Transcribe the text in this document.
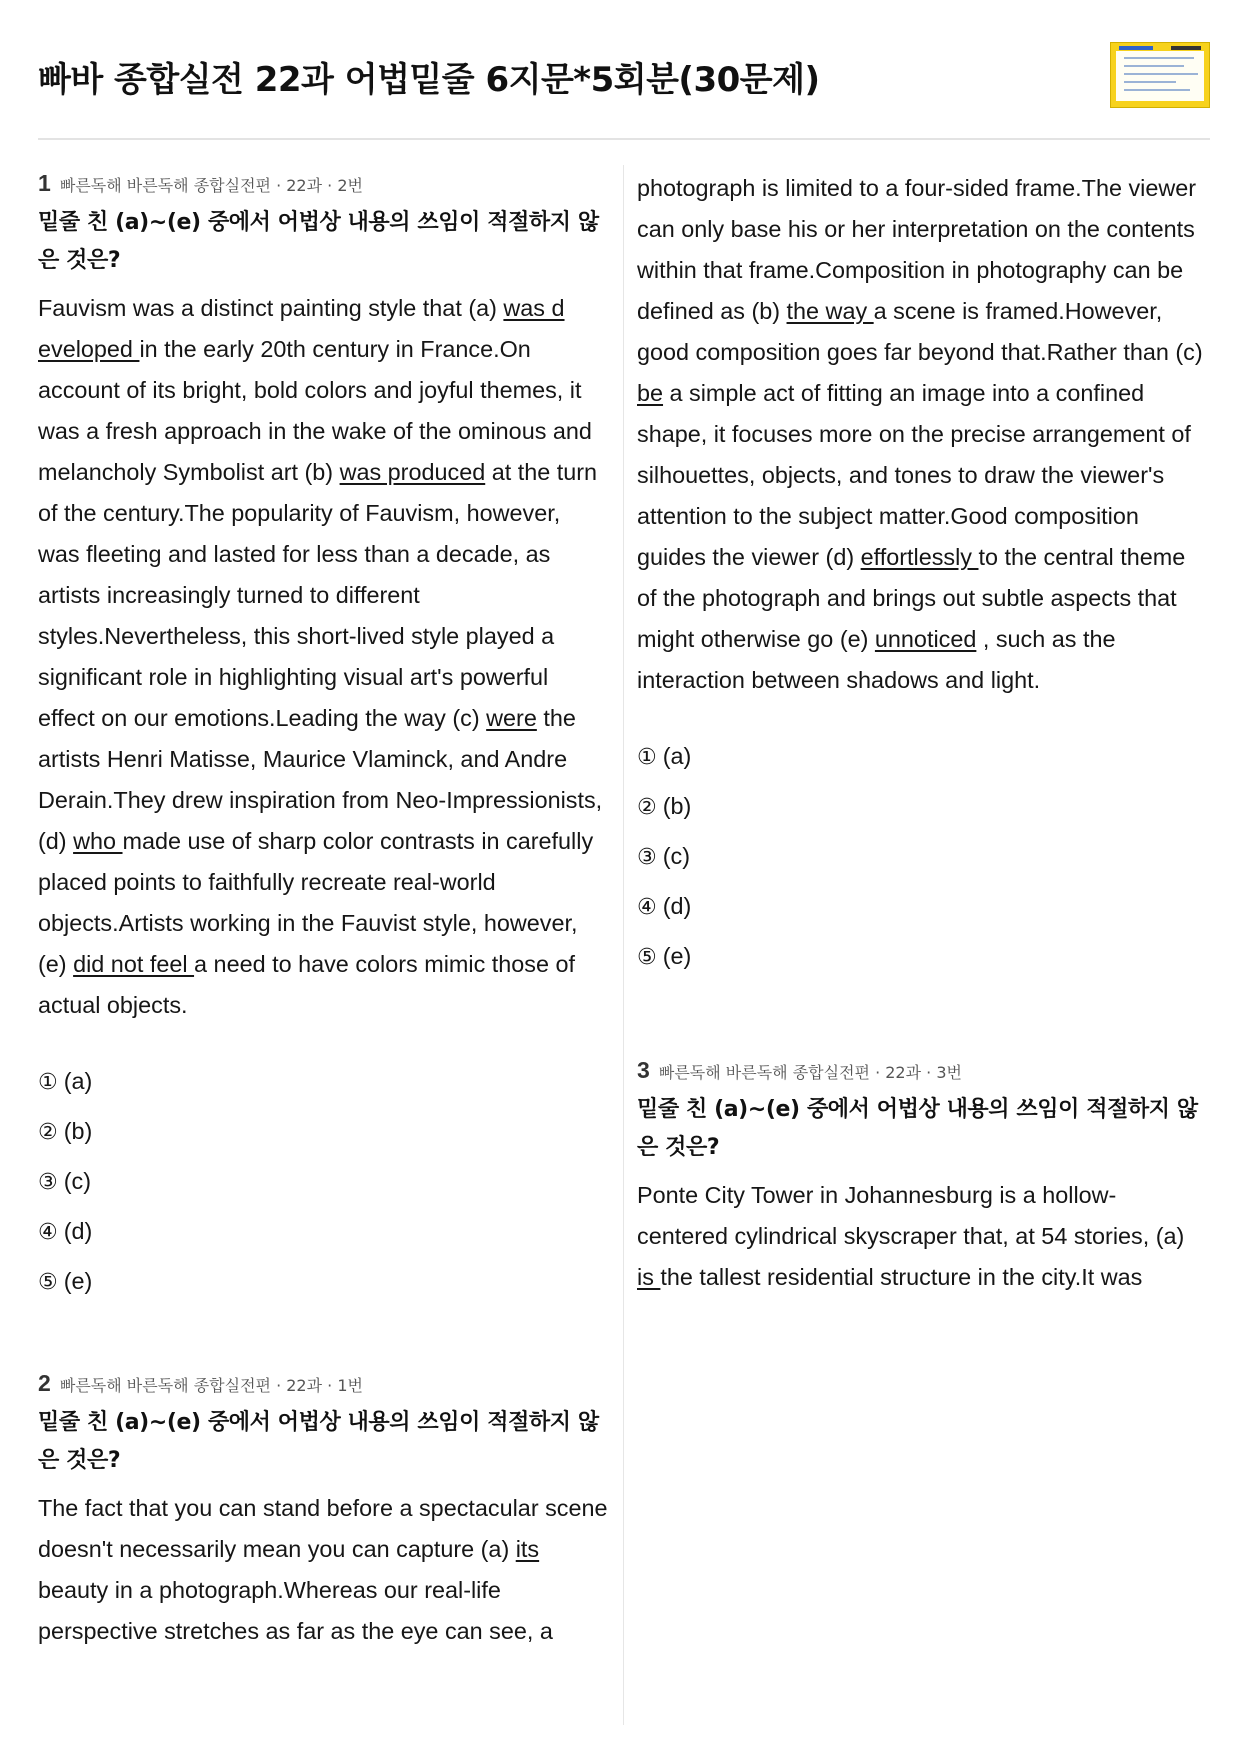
빠바 종합실전 22과 어법밑줄 6지문*5회분(30문제)
1 빠른독해 바른독해 종합실전편 · 22과 · 2번
밑줄 친 (a)∼(e) 중에서 어법상 내용의 쓰임이 적절하지 않은 것은?
Fauvism was a distinct painting style that (a) was d
eveloped in the early 20th century in France.On account of its bright, bold colors and joyful themes, it was a fresh approach in the wake of the ominous and melancholy Symbolist art (b) was produced at the turn of the century.The popularity of Fauvism, however, was fleeting and lasted for less than a decade, as artists increasingly turned to different styles.Nevertheless, this short-lived style played a significant role in highlighting visual art's powerful effect on our emotions.Leading the way (c) were the artists Henri Matisse, Maurice Vlaminck, and Andre Derain.They drew inspiration from Neo-Impressionists, (d) who made use of sharp color contrasts in carefully placed points to faithfully recreate real-world objects.Artists working in the Fauvist style, however, (e) did not feel a need to have colors mimic those of actual objects.
① (a)
② (b)
③ (c)
④ (d)
⑤ (e)
2 빠른독해 바른독해 종합실전편 · 22과 · 1번
밑줄 친 (a)∼(e) 중에서 어법상 내용의 쓰임이 적절하지 않은 것은?
The fact that you can stand before a spectacular scene doesn't necessarily mean you can capture (a) its beauty in a photograph.Whereas our real-life
perspective stretches as far as the eye can see, a
photograph is limited to a four-sided frame.The viewer can only base his or her interpretation on the contents within that frame.Composition in photography can be defined as (b) the way a scene is framed.However, good composition goes far beyond that.Rather than (c) be a simple act of fitting an image into a confined shape, it focuses more on the precise arrangement of silhouettes, objects, and tones to draw the viewer's attention to the subject matter.Good composition guides the viewer (d) effortlessly to the central theme of the photograph and brings out subtle aspects that might otherwise go (e) unnoticed , such as the interaction between shadows and light.
① (a)
② (b)
③ (c)
④ (d)
⑤ (e)
3 빠른독해 바른독해 종합실전편 · 22과 · 3번
밑줄 친 (a)∼(e) 중에서 어법상 내용의 쓰임이 적절하지 않은 것은?
Ponte City Tower in Johannesburg is a hollow-centered cylindrical skyscraper that, at 54 stories, (a) is the tallest residential structure in the city.It was
